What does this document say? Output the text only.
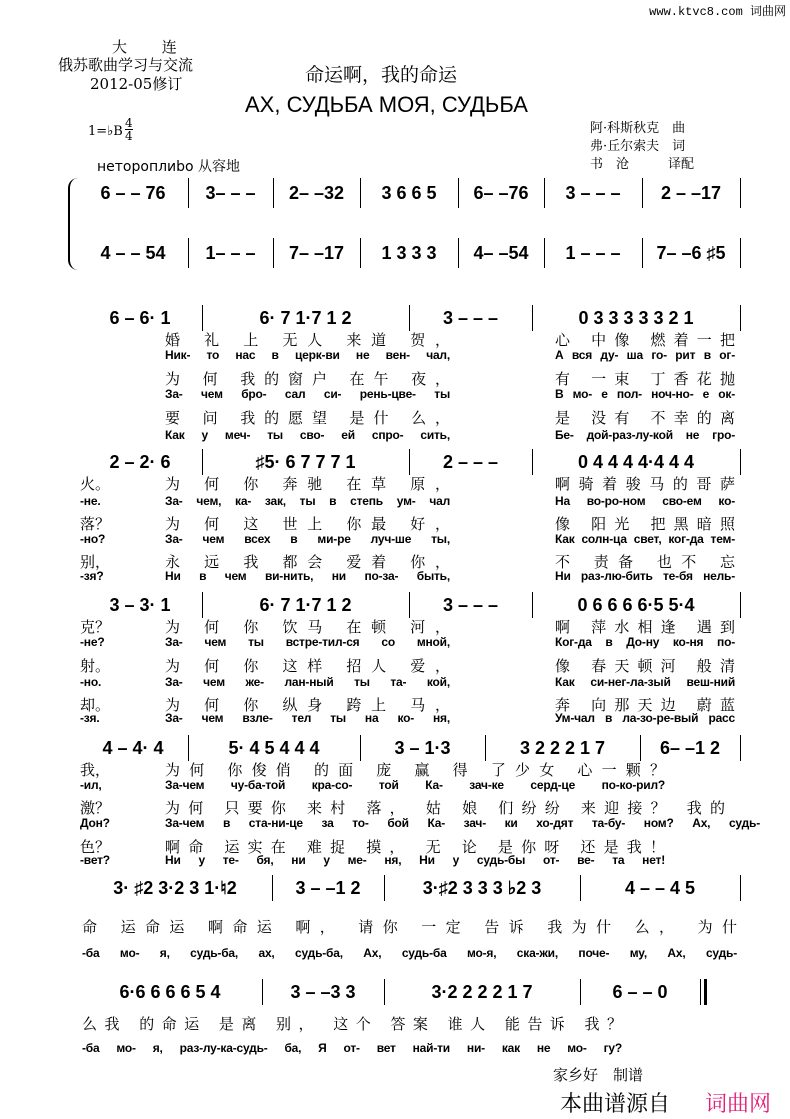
www.ktvc8.com 词曲网
大　　 连
俄苏歌曲学习与交流
2012-05修订	命运啊，我的命运
АХ, СУДЬБА МОЯ, СУДЬБА
1=♭B
4
4
нетороплиbo 从容地
阿·科斯秋克　曲
弗·丘尔索夫　词
书　沧　　　译配
6 – – 76	3– – –	2– –32	3 6 6 5	6– –76	3 – – –	2 – –17
4 – – 54	1– – –	7– –17	1 3 3 3	4– –54	1 – – –	7– –6 ♯5
6 – 6· 1	6· 7 1·7 1 2	3 – – –	0 3 3 3 3 3 2 1
婚 礼 上 无人 来道 贺，	心 中像 燃着一把
Ник- то нас в церк-ви не вен- чал,	А вся ду- ша го- рит в ог-
为 何 我的窗户 在午 夜，	有 一束 丁香花抛
За- чем бро- сал си- рень-цве- ты	В мо- е пол- ноч-но- е ок-
要 问 我的愿望 是什 么，	是 没有 不幸的离
Как у меч- ты сво- ей спро- сить,	Бе- дой-раз-лу-кой не гро-
2 – 2· 6	♯5· 6 7 7 7 1	2 – – –	0 4 4 4 4·4 4 4
火。	为 何 你 奔驰 在草 原，	啊骑着骏马的哥萨
-не.	За- чем, ка- зак, ты в степь ум- чал	На во-ро-ном сво-ем ко-
落？	为 何 这 世上 你最 好，	像 阳光 把黑暗照
-но?	За- чем всех в ми-ре луч-ше ты,	Как солн-ца свет, ког-да тем-
别，	永 远 我 都会 爱着 你，	不 责备 也不 忘
-зя?	Ни в чем ви-нить, ни по-за- быть,	Ни раз-лю-бить те-бя нель-
3 – 3· 1	6· 7 1·7 1 2	3 – – –	0 6 6 6 6·5 5·4
克？	为 何 你 饮马 在顿 河，	啊 萍水相逢 遇到
-не?	За- чем ты встре-тил-ся со мной,	Ког-да в До-ну ко-ня по-
射。	为 何 你 这样 招人 爱，	像 春天顿河 般清
-но.	За- чем же- лан-ный ты та- кой,	Как си-нег-ла-зый веш-ний
却。	为 何 你 纵身 跨上 马，	奔 向那天边 蔚蓝
-зя.	За- чем взле- тел ты на ко- ня,	Ум-чал в ла-зо-ре-вый расс
4 – 4· 4	5· 4 5 4 4 4	3 – 1·3	3 2 2 2 1 7	6– –1 2
我，	为何 你俊俏 的面 庞 赢 得 了少女 心一颗？
-ил,	За-чем чу-ба-той кра-со- той Ка- зач-ке серд-це по-ко-рил?
激？	为何 只要你 来村 落， 姑 娘 们纷纷 来迎接？ 我的
Дон?	За-чем в ста-ни-це за то- бой Ка- зач- ки хо-дят та-бу- ном? Ах, судь-
色？	啊命 运实在 难捉 摸， 无 论 是你呀 还是我！
-вет?	Ни у те- бя, ни у ме- ня, Ни у судь-бы от- ве- та нет!
3· ♯2 3·2 3 1·♮2	3 – –1 2	3·♯2 3 3 3 ♭2 3	4 – – 4 5
命 运命运 啊命运 啊， 请你 一定 告诉 我为什 么， 为什
-ба мо- я, судь-ба, ах, судь-ба, Ах, судь-ба мо-я, ска-жи, поче- му, Ах, судь-
6·6 6 6 6 5 4	3 – –3 3	3·2 2 2 2 1 7	6 – – 0
么我 的命运 是离 别， 这个 答案 谁人 能告诉 我？
-ба мо- я, раз-лу-ка-судь- ба, Я от- вет най-ти ни- как не мо- гу?
家乡好　制谱
本曲谱源自 词曲网
